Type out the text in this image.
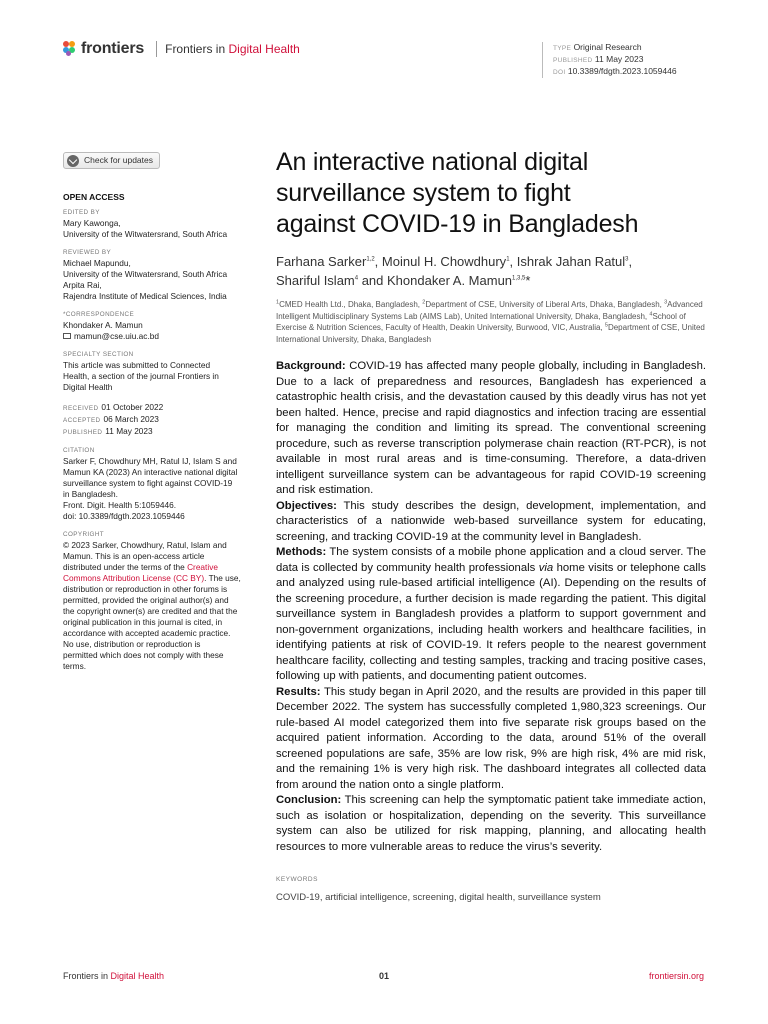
frontiers Frontiers in Digital Health	TYPE Original Research
PUBLISHED 11 May 2023
DOI 10.3389/fdgth.2023.1059446
Check for updates
OPEN ACCESS
EDITED BY
Mary Kawonga,
University of the Witwatersrand, South Africa
REVIEWED BY
Michael Mapundu,
University of the Witwatersrand, South Africa
Arpita Rai,
Rajendra Institute of Medical Sciences, India
*CORRESPONDENCE
Khondaker A. Mamun
mamun@cse.uiu.ac.bd
SPECIALTY SECTION
This article was submitted to Connected
Health, a section of the journal Frontiers in
Digital Health
RECEIVED 01 October 2022
ACCEPTED 06 March 2023
PUBLISHED 11 May 2023
CITATION
Sarker F, Chowdhury MH, Ratul IJ, Islam S and
Mamun KA (2023) An interactive national digital
surveillance system to fight against COVID-19
in Bangladesh.
Front. Digit. Health 5:1059446.
doi: 10.3389/fdgth.2023.1059446
COPYRIGHT
© 2023 Sarker, Chowdhury, Ratul, Islam and
Mamun. This is an open-access article
distributed under the terms of the Creative
Commons Attribution License (CC BY). The use,
distribution or reproduction in other forums is
permitted, provided the original author(s) and
the copyright owner(s) are credited and that the
original publication in this journal is cited, in
accordance with accepted academic practice.
No use, distribution or reproduction is
permitted which does not comply with these
terms.
An interactive national digital
surveillance system to fight
against COVID-19 in Bangladesh
Farhana Sarker$^{1,2}$, Moinul H. Chowdhury$^1$, Ishrak Jahan Ratul$^3$,
Shariful Islam$^4$ and Khondaker A. Mamun$^{1,3,5}$*
$^1$CMED Health Ltd., Dhaka, Bangladesh, $^2$Department of CSE, University of Liberal Arts, Dhaka, Bangladesh, $^3$Advanced Intelligent Multidisciplinary Systems Lab (AIMS Lab), United International University, Dhaka, Bangladesh, $^4$School of Exercise & Nutrition Sciences, Faculty of Health, Deakin University, Burwood, VIC, Australia, $^5$Department of CSE, United International University, Dhaka, Bangladesh

Background: COVID-19 has affected many people globally, including in Bangladesh. Due to a lack of preparedness and resources, Bangladesh has experienced a catastrophic health crisis, and the devastation caused by this deadly virus has not yet been halted. Hence, precise and rapid diagnostics and infection tracing are essential for managing the condition and limiting its spread. The conventional screening procedure, such as reverse transcription polymerase chain reaction (RT-PCR), is not available in most rural areas and is time-consuming. Therefore, a data-driven intelligent surveillance system can be advantageous for rapid COVID-19 screening and risk estimation.

Objectives: This study describes the design, development, implementation, and characteristics of a nationwide web-based surveillance system for educating, screening, and tracking COVID-19 at the community level in Bangladesh.

Methods: The system consists of a mobile phone application and a cloud server. The data is collected by community health professionals via home visits or telephone calls and analyzed using rule-based artificial intelligence (AI). Depending on the results of the screening procedure, a further decision is made regarding the patient. This digital surveillance system in Bangladesh provides a platform to support government and non-government organizations, including health workers and healthcare facilities, in identifying patients at risk of COVID-19. It refers people to the nearest government healthcare facility, collecting and testing samples, tracking and tracing positive cases, following up with patients, and documenting patient outcomes.

Results: This study began in April 2020, and the results are provided in this paper till December 2022. The system has successfully completed 1,980,323 screenings. Our rule-based AI model categorized them into five separate risk groups based on the acquired patient information. According to the data, around 51% of the overall screened populations are safe, 35% are low risk, 9% are high risk, 4% are mid risk, and the remaining 1% is very high risk. The dashboard integrates all collected data from around the nation onto a single platform.

Conclusion: This screening can help the symptomatic patient take immediate action, such as isolation or hospitalization, depending on the severity. This surveillance system can also be utilized for risk mapping, planning, and allocating health resources to more vulnerable areas to reduce the virus’s severity.

KEYWORDS
COVID-19, artificial intelligence, screening, digital health, surveillance system
Frontiers in Digital Health	01	frontiersin.org
